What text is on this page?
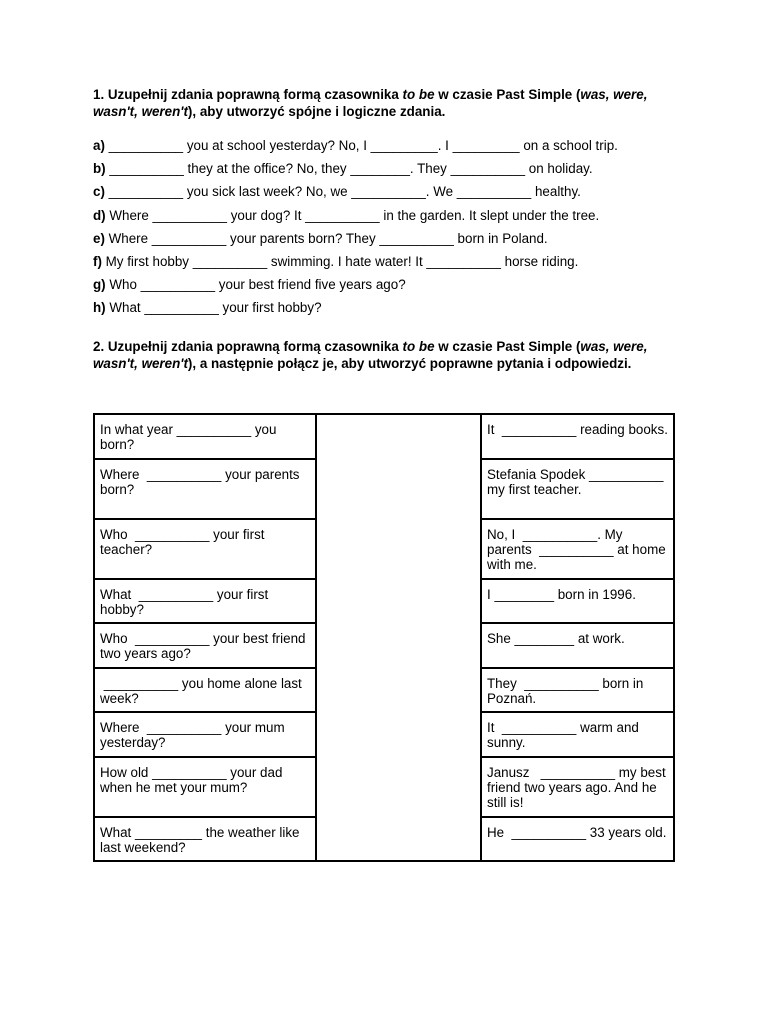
1. Uzupełnij zdania poprawną formą czasownika to be w czasie Past Simple (was, were, wasn't, weren't), aby utworzyć spójne i logiczne zdania.

a) __________ you at school yesterday? No, I _________. I _________ on a school trip.
b) __________ they at the office? No, they ________. They __________ on holiday.
c) __________ you sick last week? No, we __________. We __________ healthy.
d) Where __________ your dog? It __________ in the garden. It slept under the tree.
e) Where __________ your parents born? They __________ born in Poland.
f) My first hobby __________ swimming. I hate water! It __________ horse riding.
g) Who __________ your best friend five years ago?
h) What __________ your first hobby?

2. Uzupełnij zdania poprawną formą czasownika to be w czasie Past Simple (was, were, wasn't, weren't), a następnie połącz je, aby utworzyć poprawne pytania i odpowiedzi.

In what year __________ you born?		It  __________ reading books.
Where  __________ your parents born?		Stefania Spodek __________ my first teacher.
Who  __________ your first teacher?		No, I  __________. My parents  __________ at home with me.
What  __________ your first hobby?		I ________ born in 1996.
Who  __________ your best friend two years ago?		She ________ at work.
__________ you home alone last week?		They  __________ born in Poznań.
Where  __________ your mum yesterday?		It  __________ warm and sunny.
How old __________ your dad when he met your mum?		Janusz   __________ my best friend two years ago. And he still is!
What _________ the weather like last weekend?		He  __________ 33 years old.
